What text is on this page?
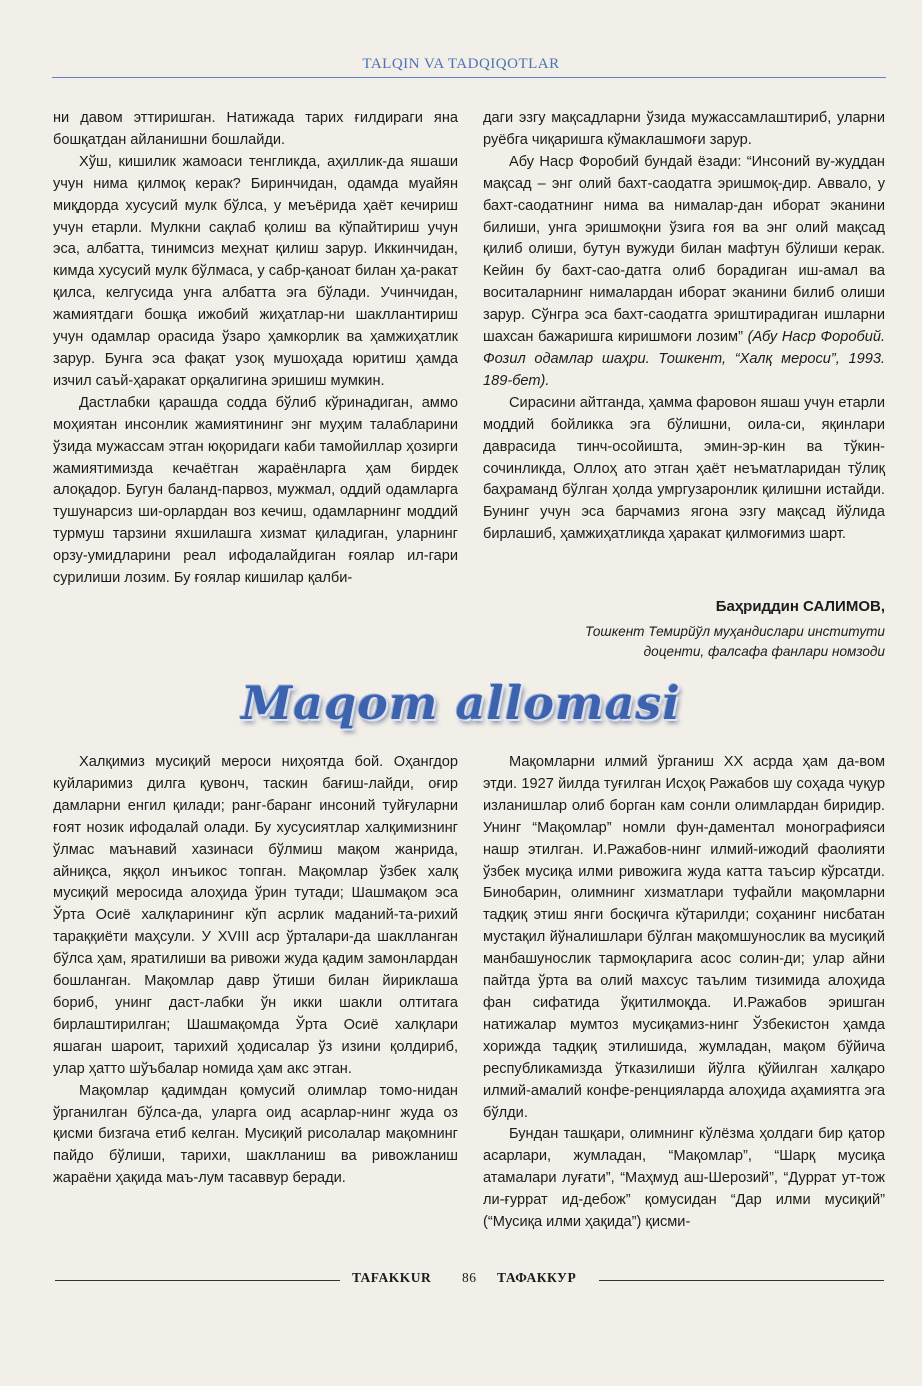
TALQIN VA TADQIQOTLAR

ни давом эттиришган. Натижада тарих ғилдираги яна бошқатдан айланишни бошлайди.

Хўш, кишилик жамоаси тенгликда, аҳиллик-да яшаши учун нима қилмоқ керак? Биринчидан, одамда муайян миқдорда хусусий мулк бўлса, у меъёрида ҳаёт кечириш учун етарли. Мулкни сақлаб қолиш ва кўпайтириш учун эса, албатта, тинимсиз меҳнат қилиш зарур. Иккинчидан, кимда хусусий мулк бўлмаса, у сабр-қаноат билан ҳа-ракат қилса, келгусида унга албатта эга бўлади. Учинчидан, жамиятдаги бошқа ижобий жиҳатлар-ни шакллантириш учун одамлар орасида ўзаро ҳамкорлик ва ҳамжиҳатлик зарур. Бунга эса фақат узоқ мушоҳада юритиш ҳамда изчил саъй-ҳаракат орқалигина эришиш мумкин.

Дастлабки қарашда содда бўлиб кўринадиган, аммо моҳиятан инсонлик жамиятининг энг муҳим талабларини ўзида мужассам этган юқоридаги каби тамойиллар ҳозирги жамиятимизда кечаётган жараёнларга ҳам бирдек алоқадор. Бугун баланд-парвоз, мужмал, оддий одамларга тушунарсиз ши-орлардан воз кечиш, одамларнинг моддий турмуш тарзини яхшилашга хизмат қиладиган, уларнинг орзу-умидларини реал ифодалайдиган ғоялар ил-гари сурилиши лозим. Бу ғоялар кишилар қалби-

даги эзгу мақсадларни ўзида мужассамлаштириб, уларни руёбга чиқаришга кўмаклашмоғи зарур.

Абу Наср Форобий бундай ёзади: “Инсоний ву-жуддан мақсад – энг олий бахт-саодатга эришмоқ-дир. Аввало, у бахт-саодатнинг нима ва нималар-дан иборат эканини билиши, унга эришмоқни ўзига ғоя ва энг олий мақсад қилиб олиши, бутун вужуди билан мафтун бўлиши керак. Кейин бу бахт-сао-датга олиб борадиган иш-амал ва воситаларнинг нималардан иборат эканини билиб олиши зарур. Сўнгра эса бахт-саодатга эриштирадиган ишларни шахсан бажаришга киришмоғи лозим” (Абу Наср Форобий. Фозил одамлар шаҳри. Тошкент, “Халқ мероси”, 1993. 189-бет).

Сирасини айтганда, ҳамма фаровон яшаш учун етарли моддий бойликка эга бўлишни, оила-си, яқинлари даврасида тинч-осойишта, эмин-эр-кин ва тўкин-сочинликда, Оллоҳ ато этган ҳаёт неъматларидан тўлиқ баҳраманд бўлган ҳолда умргузаронлик қилишни истайди. Бунинг учун эса барчамиз ягона эзгу мақсад йўлида бирлашиб, ҳамжиҳатликда ҳаракат қилмоғимиз шарт.

Баҳриддин САЛИМОВ,
Тошкент Темирйўл муҳандислари институти
доценти, фалсафа фанлари номзоди
Maqom allomasi

Халқимиз мусиқий мероси ниҳоятда бой. Оҳангдор куйларимиз дилга қувонч, таскин бағиш-лайди, оғир дамларни енгил қилади; ранг-баранг инсоний туйғуларни ғоят нозик ифодалай олади. Бу хусусиятлар халқимизнинг ўлмас маънавий хазинаси бўлмиш мақом жанрида, айниқса, яққол инъикос топган. Мақомлар ўзбек халқ мусиқий меросида алоҳида ўрин тутади; Шашмақом эса Ўрта Осиё халқларининг кўп асрлик маданий-та-рихий тараққиёти маҳсули. У XVIII аср ўрталари-да шаклланган бўлса ҳам, яратилиши ва ривожи жуда қадим замонлардан бошланган. Мақомлар давр ўтиши билан йириклаша бориб, унинг даст-лабки ўн икки шакли олтитага бирлаштирилган; Шашмақомда Ўрта Осиё халқлари яшаган шароит, тарихий ҳодисалар ўз изини қолдириб, улар ҳатто шўъбалар номида ҳам акс этган.

Мақомлар қадимдан қомусий олимлар томо-нидан ўрганилган бўлса-да, уларга оид асарлар-нинг жуда оз қисми бизгача етиб келган. Мусиқий рисолалар мақомнинг пайдо бўлиши, тарихи, шаклланиш ва ривожланиш жараёни ҳақида маъ-лум тасаввур беради.

Мақомларни илмий ўрганиш XX асрда ҳам да-вом этди. 1927 йилда туғилган Исҳоқ Ражабов шу соҳада чуқур изланишлар олиб борган кам сонли олимлардан биридир. Унинг “Мақомлар” номли фун-даментал монографияси нашр этилган. И.Ражабов-нинг илмий-ижодий фаолияти ўзбек мусиқа илми ривожига жуда катта таъсир кўрсатди. Бинобарин, олимнинг хизматлари туфайли мақомларни тадқиқ этиш янги босқичга кўтарилди; соҳанинг нисбатан мустақил йўналишлари бўлган мақомшунослик ва мусиқий манбашунослик тармоқларига асос солин-ди; улар айни пайтда ўрта ва олий махсус таълим тизимида алоҳида фан сифатида ўқитилмоқда. И.Ражабов эришган натижалар мумтоз мусиқамиз-нинг Ўзбекистон ҳамда хорижда тадқиқ этилишида, жумладан, мақом бўйича республикамизда ўтказилиши йўлга қўйилган халқаро илмий-амалий конфе-ренцияларда алоҳида аҳамиятга эга бўлди.

Бундан ташқари, олимнинг кўлёзма ҳолдаги бир қатор асарлари, жумладан, “Мақомлар”, “Шарқ мусиқа атамалари луғати”, “Маҳмуд аш-Шерозий”, “Дуррат ут-тож ли-ғуррат ид-дебож” қомусидан “Дар илми мусиқий” (“Мусиқа илми ҳақида”) қисми-

TAFAKKUR 86 ТАФАККУР
